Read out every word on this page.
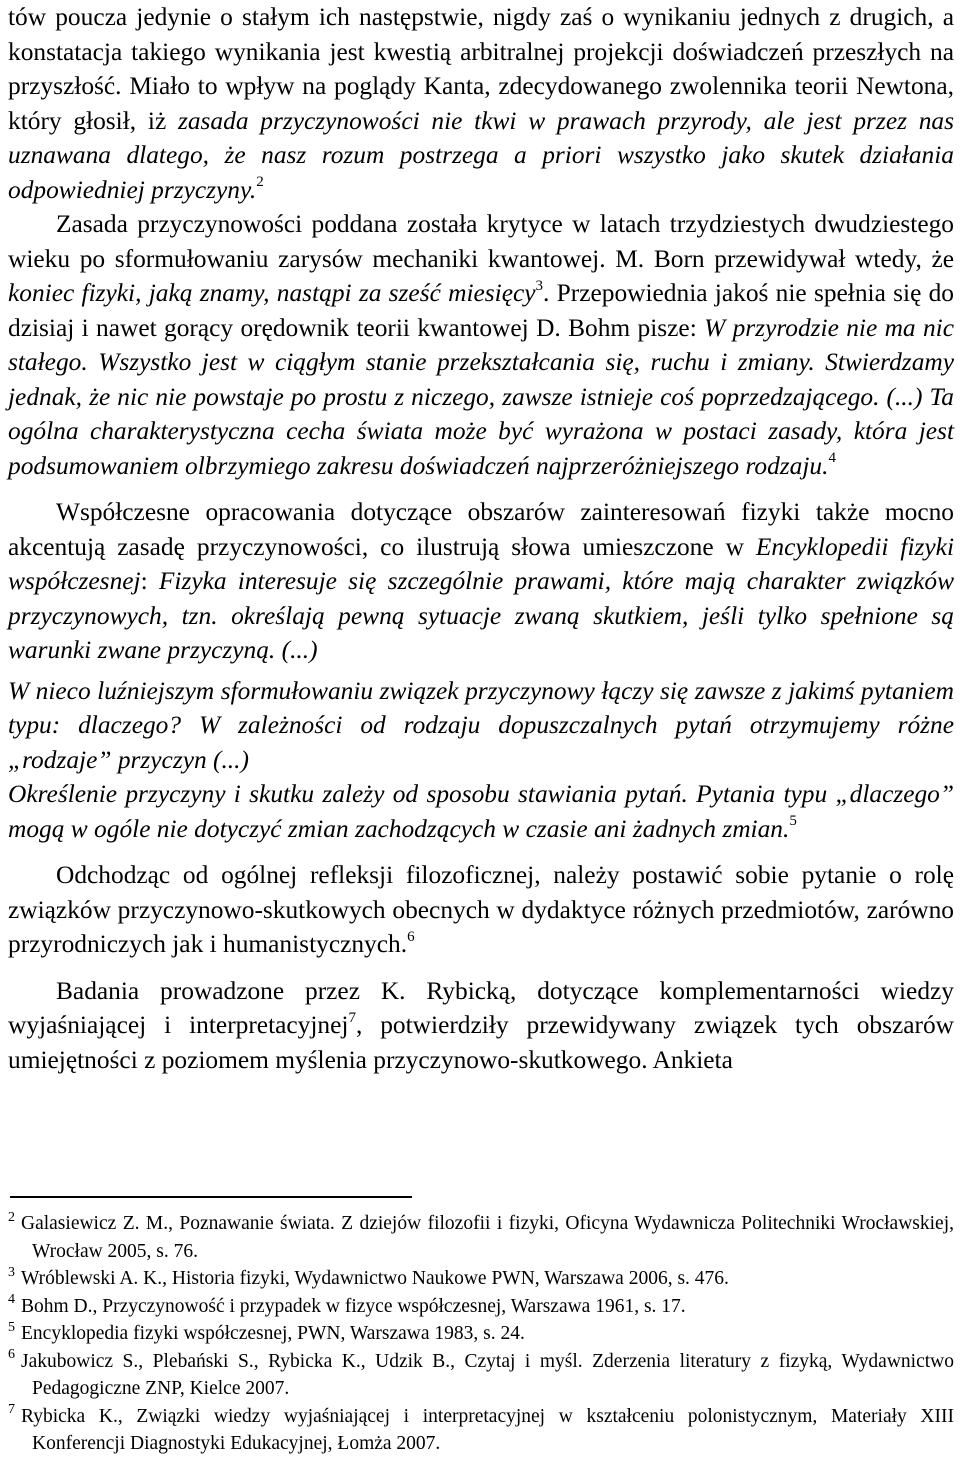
tów poucza jedynie o stałym ich następstwie, nigdy zaś o wynikaniu jednych z drugich, a konstatacja takiego wynikania jest kwestią arbitralnej projekcji doświadczeń przeszłych na przyszłość. Miało to wpływ na poglądy Kanta, zdecydowanego zwolennika teorii Newtona, który głosił, iż zasada przyczynowości nie tkwi w prawach przyrody, ale jest przez nas uznawana dlatego, że nasz rozum postrzega a priori wszystko jako skutek działania odpowiedniej przyczyny.$^2$

Zasada przyczynowości poddana została krytyce w latach trzydziestych dwudziestego wieku po sformułowaniu zarysów mechaniki kwantowej. M. Born przewidywał wtedy, że koniec fizyki, jaką znamy, nastąpi za sześć miesięcy$^3$. Przepowiednia jakoś nie spełnia się do dzisiaj i nawet gorący orędownik teorii kwantowej D. Bohm pisze: W przyrodzie nie ma nic stałego. Wszystko jest w ciągłym stanie przekształcania się, ruchu i zmiany. Stwierdzamy jednak, że nic nie powstaje po prostu z niczego, zawsze istnieje coś poprzedzającego. (...) Ta ogólna charakterystyczna cecha świata może być wyrażona w postaci zasady, która jest podsumowaniem olbrzymiego zakresu doświadczeń najprzeróżniejszego rodzaju.$^4$

Współczesne opracowania dotyczące obszarów zainteresowań fizyki także mocno akcentują zasadę przyczynowości, co ilustrują słowa umieszczone w Encyklopedii fizyki współczesnej: Fizyka interesuje się szczególnie prawami, które mają charakter związków przyczynowych, tzn. określają pewną sytuacje zwaną skutkiem, jeśli tylko spełnione są warunki zwane przyczyną. (...)

W nieco luźniejszym sformułowaniu związek przyczynowy łączy się zawsze z jakimś pytaniem typu: dlaczego? W zależności od rodzaju dopuszczalnych pytań otrzymujemy różne „rodzaje” przyczyn (...)

Określenie przyczyny i skutku zależy od sposobu stawiania pytań. Pytania typu „dlaczego” mogą w ogóle nie dotyczyć zmian zachodzących w czasie ani żadnych zmian.$^5$

Odchodząc od ogólnej refleksji filozoficznej, należy postawić sobie pytanie o rolę związków przyczynowo-skutkowych obecnych w dydaktyce różnych przedmiotów, zarówno przyrodniczych jak i humanistycznych.$^6$

Badania prowadzone przez K. Rybicką, dotyczące komplementarności wiedzy wyjaśniającej i interpretacyjnej$^7$, potwierdziły przewidywany związek tych obszarów umiejętności z poziomem myślenia przyczynowo-skutkowego. Ankieta

$^2$ Galasiewicz Z. M., Poznawanie świata. Z dziejów filozofii i fizyki, Oficyna Wydawnicza Politechniki Wrocławskiej, Wrocław 2005, s. 76.

$^3$ Wróblewski A. K., Historia fizyki, Wydawnictwo Naukowe PWN, Warszawa 2006, s. 476.

$^4$ Bohm D., Przyczynowość i przypadek w fizyce współczesnej, Warszawa 1961, s. 17.

$^5$ Encyklopedia fizyki współczesnej, PWN, Warszawa 1983, s. 24.

$^6$ Jakubowicz S., Plebański S., Rybicka K., Udzik B., Czytaj i myśl. Zderzenia literatury z fizyką, Wydawnictwo Pedagogiczne ZNP, Kielce 2007.

$^7$ Rybicka K., Związki wiedzy wyjaśniającej i interpretacyjnej w kształceniu polonistycznym, Materiały XIII Konferencji Diagnostyki Edukacyjnej, Łomża 2007.
